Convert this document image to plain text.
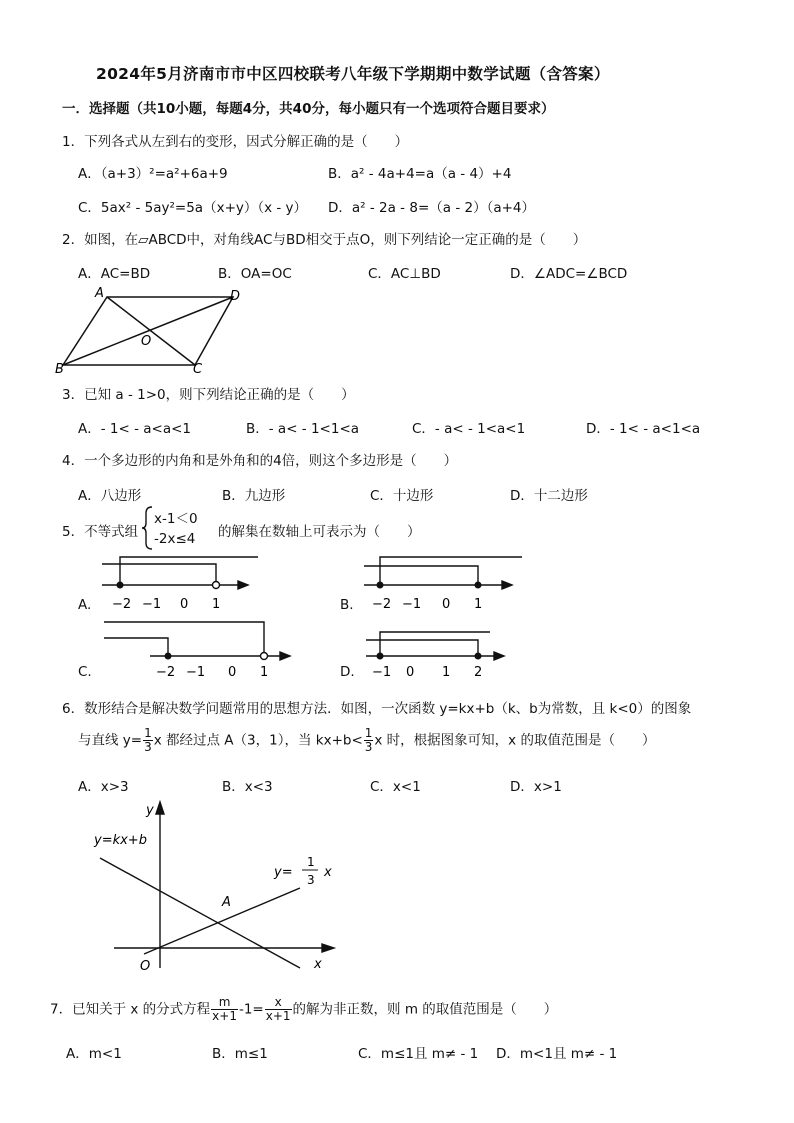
2024年5月济南市市中区四校联考八年级下学期期中数学试题（含答案）
一．选择题（共10小题，每题4分，共40分，每小题只有一个选项符合题目要求）
1．下列各式从左到右的变形，因式分解正确的是（　　）
A．（a+3）²=a²+6a+9	B．a² - 4a+4=a（a - 4）+4
C．5ax² - 5ay²=5a（x+y）（x - y） D．a² - 2a - 8=（a - 2）（a+4）
2．如图，在▱ABCD中，对角线AC与BD相交于点O，则下列结论一定正确的是（　　）
A．AC=BD	B．OA=OC	C．AC⊥BD	D．∠ADC=∠BCD
A	D
B	C
O
3．已知 a - 1>0，则下列结论正确的是（　　）
A．- 1< - a<a<1	B．- a< - 1<1<a	C．- a< - 1<a<1	D．- 1< - a<1<a
4．一个多边形的内角和是外角和的4倍，则这个多边形是（　　）
A．八边形	B．九边形	C．十边形	D．十二边形
5．不等式组
x-1＜0
-2x≤4 的解集在数轴上可表示为（　　）
A. −2 −1 0 1	B. −2 −1 0 1
C.	−2 −1 0 1	D. −1 0 1 2
6．数形结合是解决数学问题常用的思想方法．如图，一次函数 y=kx+b（k、b为常数，且 k<0）的图象
与直线 $y= \frac{1}{3}$ x 都经过点 A（3，1），当 $kx+b< \frac{1}{3}$ x 时，根据图象可知，x 的取值范围是（　　）
A．x>3	B．x<3	C．x<1	D．x>1
y
x
O
A
y=kx+b
y=
1
3 x
7．已知关于 x 的分式方程 $\frac{m}{x+1} -1= \frac{x}{x+1}$ 的解为非正数，则 m 的取值范围是（　　）
A．m<1	B．m≤1	C．m≤1且 m≠ - 1 D．m<1且 m≠ - 1
